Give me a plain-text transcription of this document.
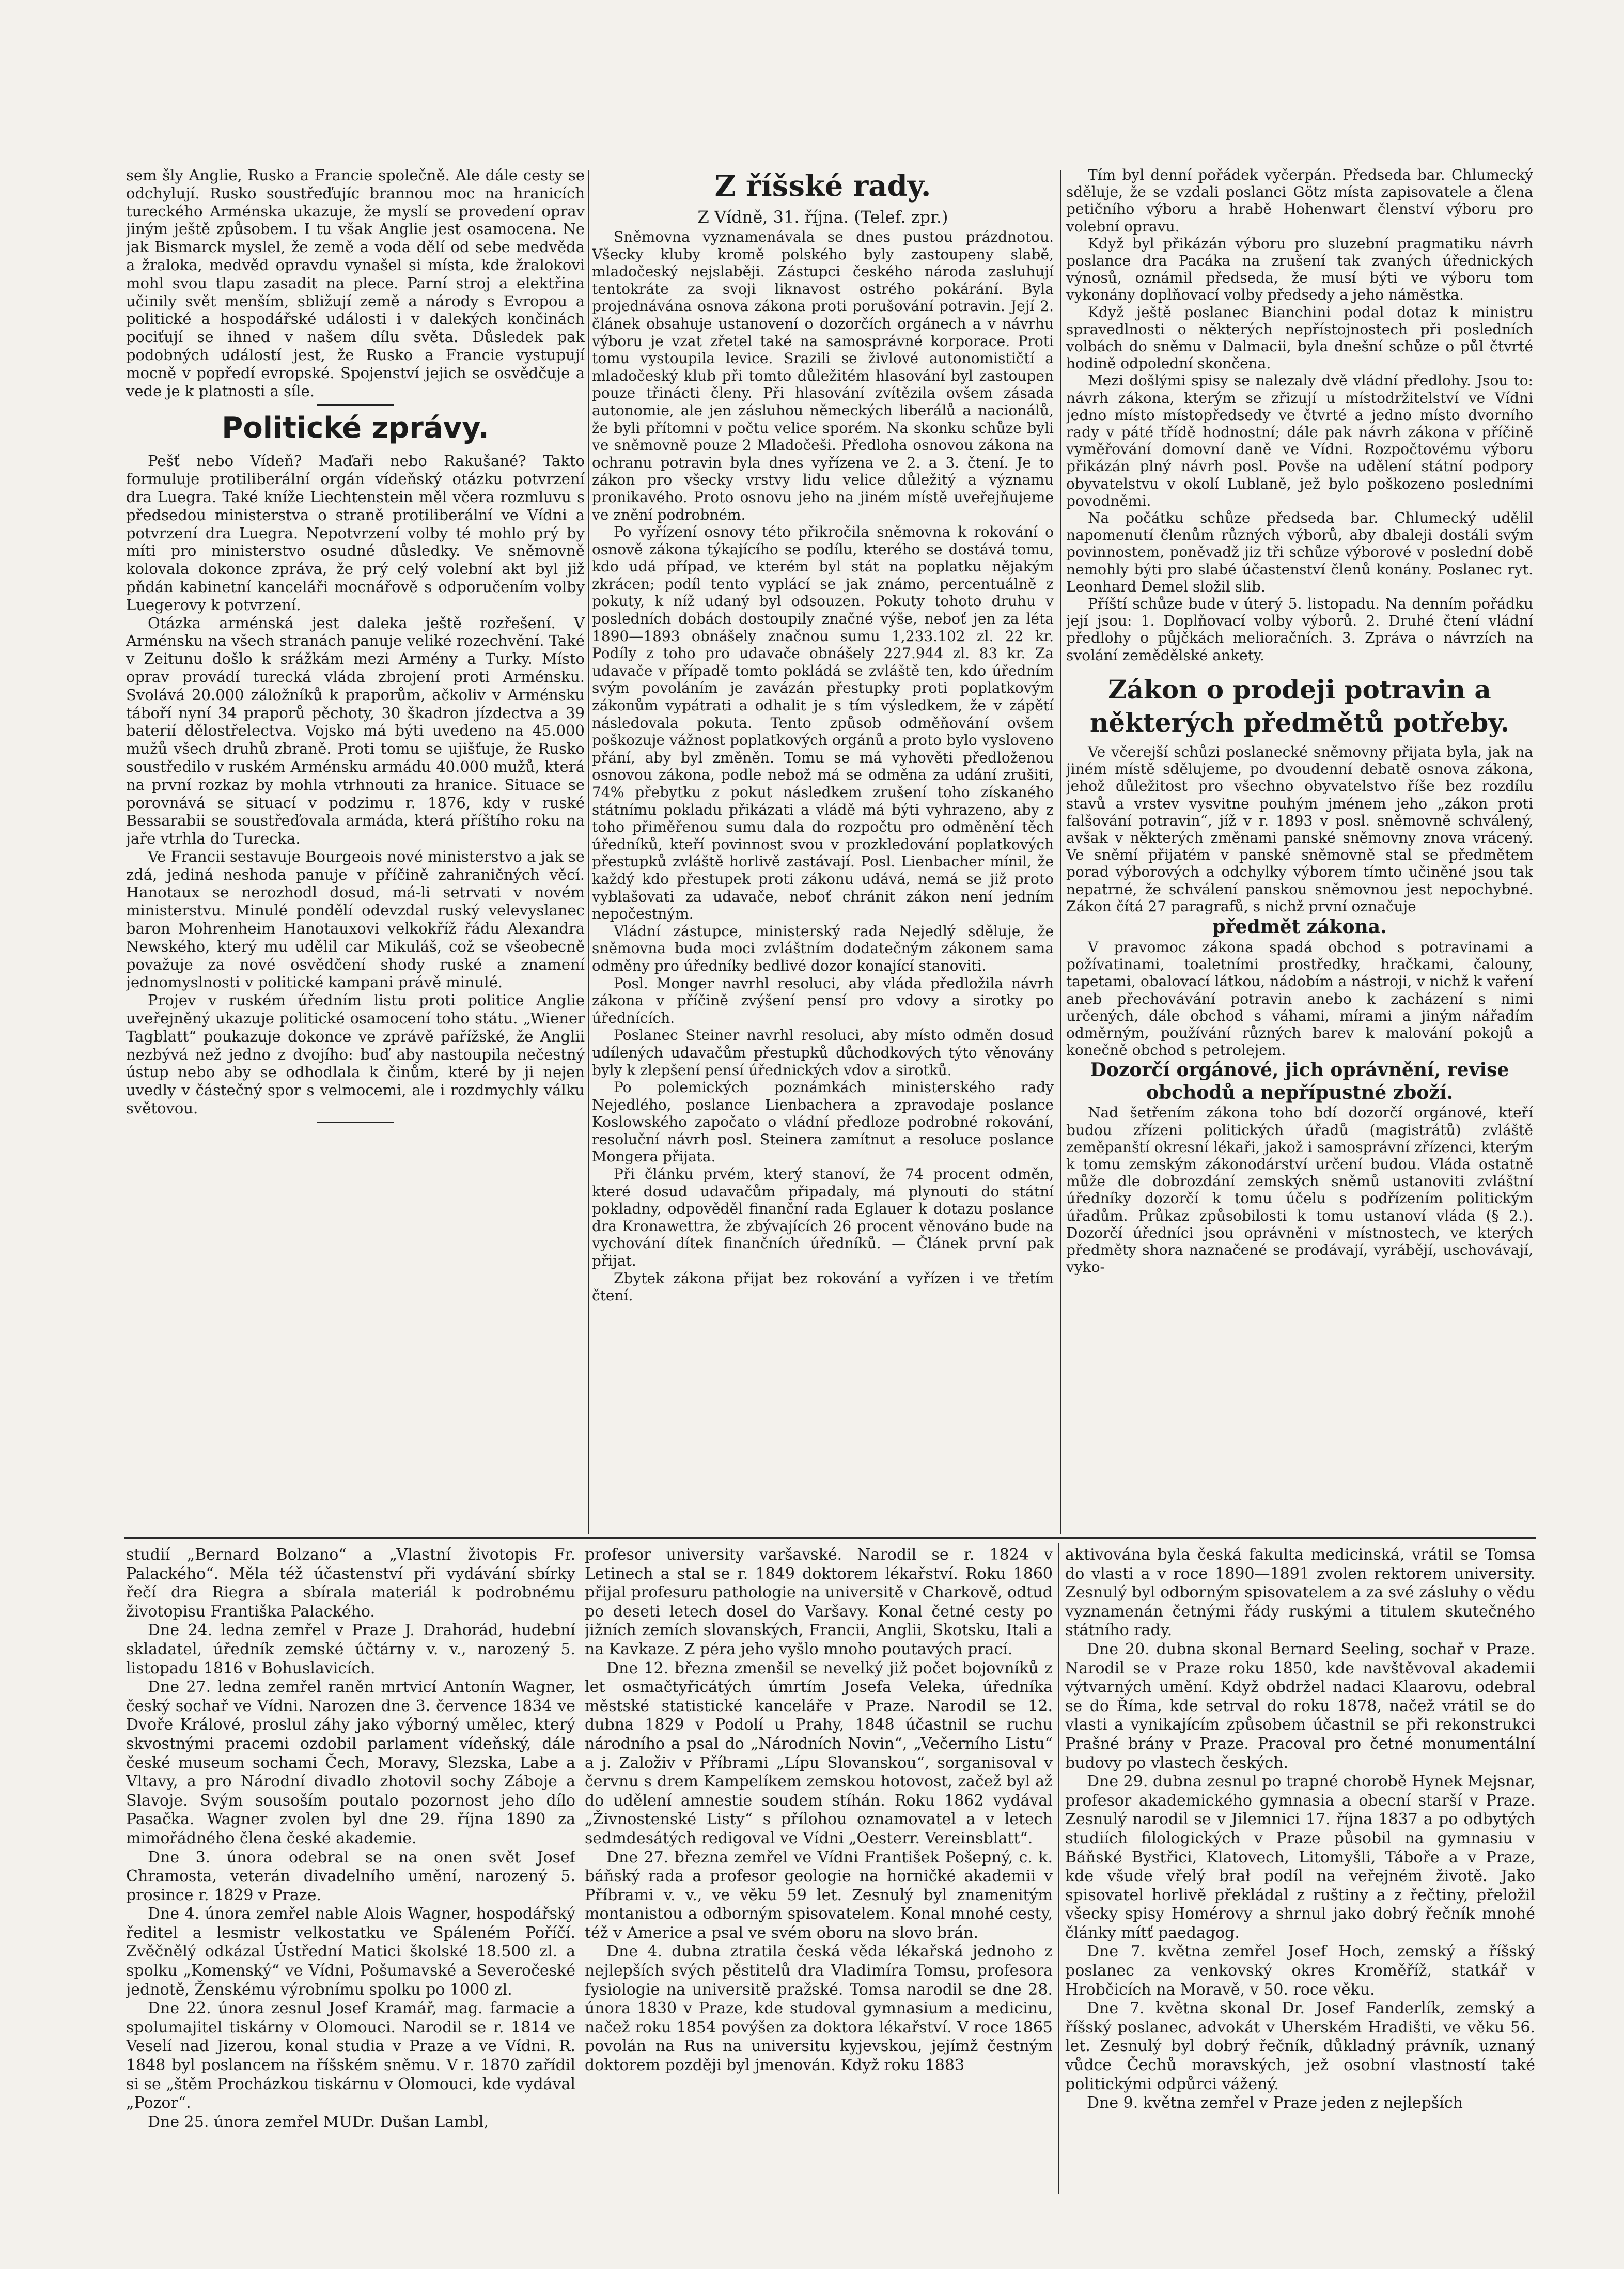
sem šly Anglie, Rusko a Francie společně. Ale dále cesty se odchylují. Rusko soustřeďujíc brannou moc na hranicích tureckého Arménska ukazuje, že myslí se provedení oprav jiným ještě způsobem. I tu však Anglie jest osamocena. Ne jak Bismarck myslel, že země a voda dělí od sebe medvěda a žraloka, medvěd opravdu vynašel si místa, kde žralokovi mohl svou tlapu zasadit na plece. Parní stroj a elektřina učinily svět menším, sbližují země a národy s Evropou a politické a hospodářské události i v dalekých končinách pociťují se ihned v našem dílu světa. Důsledek pak podobných událostí jest, že Rusko a Francie vystupují mocně v popředí evropské. Spojenství jejich se osvědčuje a vede je k platnosti a síle.

Politické zprávy.

Pešť nebo Vídeň? Maďaři nebo Rakušané? Takto formuluje protiliberální orgán vídeňský otázku potvrzení dra Luegra. Také kníže Liechtenstein měl včera rozmluvu s předsedou ministerstva o straně protiliberální ve Vídni a potvrzení dra Luegra. Nepotvrzení volby té mohlo prý by míti pro ministerstvo osudné důsledky. Ve sněmovně kolovala dokonce zpráva, že prý celý volební akt byl již pňdán kabinetní kanceláři mocnářově s odporučením volby Luegerovy k potvrzení.

Otázka arménská jest daleka ještě rozřešení. V Arménsku na všech stranách panuje veliké rozechvění. Také v Zeitunu došlo k srážkám mezi Armény a Turky. Místo oprav provádí turecká vláda zbrojení proti Arménsku. Svolává 20.000 záložníků k praporům, ačkoliv v Arménsku táboří nyní 34 praporů pěchoty, 30 škadron jízdectva a 39 baterií dělostřelectva. Vojsko má býti uvedeno na 45.000 mužů všech druhů zbraně. Proti tomu se ujišťuje, že Rusko soustředilo v ruském Arménsku armádu 40.000 mužů, která na první rozkaz by mohla vtrhnouti za hranice. Situace se porovnává se situací v podzimu r. 1876, kdy v ruské Bessarabii se soustřeďovala armáda, která příštího roku na jaře vtrhla do Turecka.

Ve Francii sestavuje Bourgeois nové ministerstvo a jak se zdá, jediná neshoda panuje v příčině zahraničných věcí. Hanotaux se nerozhodl dosud, má-li setrvati v novém ministerstvu. Minulé pondělí odevzdal ruský velevyslanec baron Mohrenheim Hanotauxovi velkokříž řádu Alexandra Newského, který mu udělil car Mikuláš, což se všeobecně považuje za nové osvědčení shody ruské a znamení jednomyslnosti v politické kampani právě minulé.

Projev v ruském úředním listu proti politice Anglie uveřejněný ukazuje politické osamocení toho státu. „Wiener Tagblatt“ poukazuje dokonce ve zprávě pařížské, že Anglii nezbývá než jedno z dvojího: buď aby nastoupila nečestný ústup nebo aby se odhodlala k činům, které by ji nejen uvedly v částečný spor s velmocemi, ale i rozdmychly válku světovou.

Z říšské rady.

Z Vídně, 31. října. (Telef. zpr.)

Sněmovna vyznamenávala se dnes pustou prázdnotou. Všecky kluby kromě polského byly zastoupeny slabě, mladočeský nejslaběji. Zástupci českého národa zasluhují tentokráte za svoji liknavost ostrého pokárání. Byla projednávána osnova zákona proti porušování potravin. Její 2. článek obsahuje ustanovení o dozorčích orgánech a v návrhu výboru je vzat zřetel také na samosprávné korporace. Proti tomu vystoupila levice. Srazili se živlové autonomističtí a mladočeský klub při tomto důležitém hlasování byl zastoupen pouze třinácti členy. Při hlasování zvítězila ovšem zásada autonomie, ale jen zásluhou německých liberálů a nacionálů, že byli přítomni v počtu velice sporém. Na skonku schůze byli ve sněmovně pouze 2 Mladočeši. Předloha osnovou zákona na ochranu potravin byla dnes vyřízena ve 2. a 3. čtení. Je to zákon pro všecky vrstvy lidu velice důležitý a významu pronikavého. Proto osnovu jeho na jiném místě uveřejňujeme ve znění podrobném.

Po vyřízení osnovy této přikročila sněmovna k rokování o osnově zákona týkajícího se podílu, kterého se dostává tomu, kdo udá případ, ve kterém byl stát na poplatku nějakým zkrácen; podíl tento vyplácí se jak známo, percentuálně z pokuty, k níž udaný byl odsouzen. Pokuty tohoto druhu v posledních dobách dostoupily značné výše, neboť jen za léta 1890—1893 obnášely značnou sumu 1,233.102 zl. 22 kr. Podíly z toho pro udavače obnášely 227.944 zl. 83 kr. Za udavače v případě tomto pokládá se zvláště ten, kdo úředním svým povoláním je zavázán přestupky proti poplatkovým zákonům vypátrati a odhalit je s tím výsledkem, že v zápětí následovala pokuta. Tento způsob odměňování ovšem poškozuje vážnost poplatkových orgánů a proto bylo vysloveno přání, aby byl změněn. Tomu se má vyhověti předloženou osnovou zákona, podle nebož má se odměna za udání zrušiti, 74% přebytku z pokut následkem zrušení toho získaného státnímu pokladu přikázati a vládě má býti vyhrazeno, aby z toho přiměřenou sumu dala do rozpočtu pro odměnění těch úředníků, kteří povinnost svou v prozkledování poplatkových přestupků zvláště horlivě zastávají. Posl. Lienbacher mínil, že každý kdo přestupek proti zákonu udává, nemá se již proto vyblašovati za udavače, neboť chránit zákon není jedním nepočestným.

Vládní zástupce, ministerský rada Nejedlý sděluje, že sněmovna buda moci zvláštním dodatečným zákonem sama odměny pro úředníky bedlivé dozor konající stanoviti.

Posl. Monger navrhl resoluci, aby vláda předložila návrh zákona v příčině zvýšení pensí pro vdovy a sirotky po úřednících.

Poslanec Steiner navrhl resoluci, aby místo odměn dosud udílených udavačům přestupků důchodkových týto věnovány byly k zlepšení pensí úřednických vdov a sirotků.

Po polemických poznámkách ministerského rady Nejedlého, poslance Lienbachera a zpravodaje poslance Koslowského započato o vládní předloze podrobné rokování, resoluční návrh posl. Steinera zamítnut a resoluce poslance Mongera přijata.

Při článku prvém, který stanoví, že 74 procent odměn, které dosud udavačům připadaly, má plynouti do státní pokladny, odpověděl finanční rada Eglauer k dotazu poslance dra Kronawettra, že zbývajících 26 procent věnováno bude na vychování dítek finančních úředníků. — Článek první pak přijat.

Zbytek zákona přijat bez rokování a vyřízen i ve třetím čtení.

Tím byl denní pořádek vyčerpán. Předseda bar. Chlumecký sděluje, že se vzdali poslanci Götz místa zapisovatele a člena petičního výboru a hrabě Hohenwart členství výboru pro volební opravu.

Když byl přikázán výboru pro sluzební pragmatiku návrh poslance dra Pacáka na zrušení tak zvaných úřednických výnosů, oznámil předseda, že musí býti ve výboru tom vykonány doplňovací volby předsedy a jeho náměstka.

Když ještě poslanec Bianchini podal dotaz k ministru spravedlnosti o některých nepřístojnostech při posledních volbách do sněmu v Dalmacii, byla dnešní schůze o půl čtvrté hodině odpolední skončena.

Mezi došlými spisy se nalezaly dvě vládní předlohy. Jsou to: návrh zákona, kterým se zřizují u místodržitelství ve Vídni jedno místo místopředsedy ve čtvrté a jedno místo dvorního rady v páté třídě hodnostní; dále pak návrh zákona v příčině vyměřování domovní daně ve Vídni. Rozpočtovému výboru přikázán plný návrh posl. Povše na udělení státní podpory obyvatelstvu v okolí Lublaně, jež bylo poškozeno posledními povodněmi.

Na počátku schůze předseda bar. Chlumecký udělil napomenutí členům různých výborů, aby dbaleji dostáli svým povinnostem, poněvadž jiz tři schůze výborové v poslední době nemohly býti pro slabé účastenství členů konány. Poslanec ryt. Leonhard Demel složil slib.

Příští schůze bude v úterý 5. listopadu. Na denním pořádku její jsou: 1. Doplňovací volby výborů. 2. Druhé čtení vládní předlohy o půjčkách melioračních. 3. Zpráva o návrzích na svolání zemědělské ankety.

Zákon o prodeji potravin a některých předmětů potřeby.

Ve včerejší schůzi poslanecké sněmovny přijata byla, jak na jiném místě sdělujeme, po dvoudenní debatě osnova zákona, jehož důležitost pro všechno obyvatelstvo říše bez rozdílu stavů a vrstev vysvitne pouhým jménem jeho „zákon proti falšování potravin“, jíž v r. 1893 v posl. sněmovně schválený, avšak v některých změnami panské sněmovny znova vrácený. Ve sněmí přijatém v panské sněmovně stal se předmětem porad výborových a odchylky výborem tímto učiněné jsou tak nepatrné, že schválení panskou sněmovnou jest nepochybné. Zákon čítá 27 paragrafů, s nichž první označuje

předmět zákona.

V pravomoc zákona spadá obchod s potravinami a požívatinami, toaletními prostředky, hračkami, čalouny, tapetami, obalovací látkou, nádobím a nástroji, v nichž k vaření aneb přechovávání potravin anebo k zacházení s nimi určených, dále obchod s váhami, mírami a jiným nářadím odměrným, používání různých barev k malování pokojů a konečně obchod s petrolejem.

Dozorčí orgánové, jich oprávnění, revise obchodů a nepřípustné zboží.

Nad šetřením zákona toho bdí dozorčí orgánové, kteří budou zřízeni politických úřadů (magistrátů) zvláště zeměpanští okresní lékaři, jakož i samosprávní zřízenci, kterým k tomu zemským zákonodárství určení budou. Vláda ostatně může dle dobrozdání zemských sněmů ustanoviti zvláštní úředníky dozorčí k tomu účelu s podřízením politickým úřadům. Průkaz způsobilosti k tomu ustanoví vláda (§ 2.). Dozorčí úředníci jsou oprávněni v místnostech, ve kterých předměty shora naznačené se prodávají, vyrábějí, uschovávají, vyko-

studií „Bernard Bolzano“ a „Vlastní životopis Fr. Palackého“. Měla též účastenství při vydávání sbírky řečí dra Riegra a sbírala materiál k podrobnému životopisu Františka Palackého.

Dne 24. ledna zemřel v Praze J. Drahorád, hudební skladatel, úředník zemské účtárny v. v., narozený 5. listopadu 1816 v Bohuslavicích.

Dne 27. ledna zemřel raněn mrtvicí Antonín Wagner, český sochař ve Vídni. Narozen dne 3. července 1834 ve Dvoře Králové, proslul záhy jako výborný umělec, který skvostnými pracemi ozdobil parlament vídeňský, dále české museum sochami Čech, Moravy, Slezska, Labe a Vltavy, a pro Národní divadlo zhotovil sochy Záboje a Slavoje. Svým sousoším poutalo pozornost jeho dílo Pasačka. Wagner zvolen byl dne 29. října 1890 za mimořádného člena české akademie.

Dne 3. února odebral se na onen svět Josef Chramosta, veterán divadelního umění, narozený 5. prosince r. 1829 v Praze.

Dne 4. února zemřel nable Alois Wagner, hospodářský ředitel a lesmistr velkostatku ve Spáleném Poříčí. Zvěčnělý odkázal Ústřední Matici školské 18.500 zl. a spolku „Komenský“ ve Vídni, Pošumavské a Severočeské jednotě, Ženskému výrobnímu spolku po 1000 zl.

Dne 22. února zesnul Josef Kramář, mag. farmacie a spolumajitel tiskárny v Olomouci. Narodil se r. 1814 ve Veselí nad Jizerou, konal studia v Praze a ve Vídni. R. 1848 byl poslancem na říšském sněmu. V r. 1870 zařídil si se „štěm Procházkou tiskárnu v Olomouci, kde vydával „Pozor“.

Dne 25. února zemřel MUDr. Dušan Lambl,

profesor university varšavské. Narodil se r. 1824 v Letinech a stal se r. 1849 doktorem lékařství. Roku 1860 přijal profesuru pathologie na universitě v Charkově, odtud po deseti letech dosel do Varšavy. Konal četné cesty po jižních zemích slovanských, Francii, Anglii, Skotsku, Itali a na Kavkaze. Z péra jeho vyšlo mnoho poutavých prací.

Dne 12. března zmenšil se nevelký již počet bojovníků z let osmačtyřicátých úmrtím Josefa Veleka, úředníka městské statistické kanceláře v Praze. Narodil se 12. dubna 1829 v Podolí u Prahy, 1848 účastnil se ruchu národního a psal do „Národních Novin“, „Večerního Listu“ a j. Založiv v Příbrami „Lípu Slovanskou“, sorganisoval v červnu s drem Kampelíkem zemskou hotovost, začež byl až do udělení amnestie soudem stíhán. Roku 1862 vydával „Živnostenské Listy“ s přílohou oznamovatel a v letech sedmdesátých redigoval ve Vídni „Oesterr. Vereinsblatt“.

Dne 27. března zemřel ve Vídni František Pošepný, c. k. báňský rada a profesor geologie na horničké akademii v Příbrami v. v., ve věku 59 let. Zesnulý byl znamenitým montanistou a odborným spisovatelem. Konal mnohé cesty, též v Americe a psal ve svém oboru na slovo brán.

Dne 4. dubna ztratila česká věda lékařská jednoho z nejlepších svých pěstitelů dra Vladimíra Tomsu, profesora fysiologie na universitě pražské. Tomsa narodil se dne 28. února 1830 v Praze, kde studoval gymnasium a medicinu, načež roku 1854 povýšen za doktora lékařství. V roce 1865 povolán na Rus na universitu kyjevskou, jejímž čestným doktorem později byl jmenován. Když roku 1883

aktivována byla česká fakulta medicinská, vrátil se Tomsa do vlasti a v roce 1890—1891 zvolen rektorem university. Zesnulý byl odborným spisovatelem a za své zásluhy o vědu vyznamenán četnými řády ruskými a titulem skutečného státního rady.

Dne 20. dubna skonal Bernard Seeling, sochař v Praze. Narodil se v Praze roku 1850, kde navštěvoval akademii výtvarných umění. Když obdržel nadaci Klaarovu, odebral se do Říma, kde setrval do roku 1878, načež vrátil se do vlasti a vynikajícím způsobem účastnil se při rekonstrukci Prašné brány v Praze. Pracoval pro četné monumentální budovy po vlastech českých.

Dne 29. dubna zesnul po trapné chorobě Hynek Mejsnar, profesor akademického gymnasia a obecní starší v Praze. Zesnulý narodil se v Jilemnici 17. října 1837 a po odbytých studiích filologických v Praze působil na gymnasiu v Báňské Bystřici, Klatovech, Litomyšli, Táboře a v Praze, kde všude vřelý brał podíl na veřejném životě. Jako spisovatel horlivě překládal z ruštiny a z řečtiny, přeložil všecky spisy Homérovy a shrnul jako dobrý řečník mnohé články mítť paedagog.

Dne 7. května zemřel Josef Hoch, zemský a říšský poslanec za venkovský okres Kroměříž, statkář v Hrobčicích na Moravě, v 50. roce věku.

Dne 7. května skonal Dr. Josef Fanderlík, zemský a říšský poslanec, advokát v Uherském Hradišti, ve věku 56. let. Zesnulý byl dobrý řečník, důkladný právník, uznaný vůdce Čechů moravských, jež osobní vlastností také politickými odpůrci vážený.

Dne 9. května zemřel v Praze jeden z nejlepších
